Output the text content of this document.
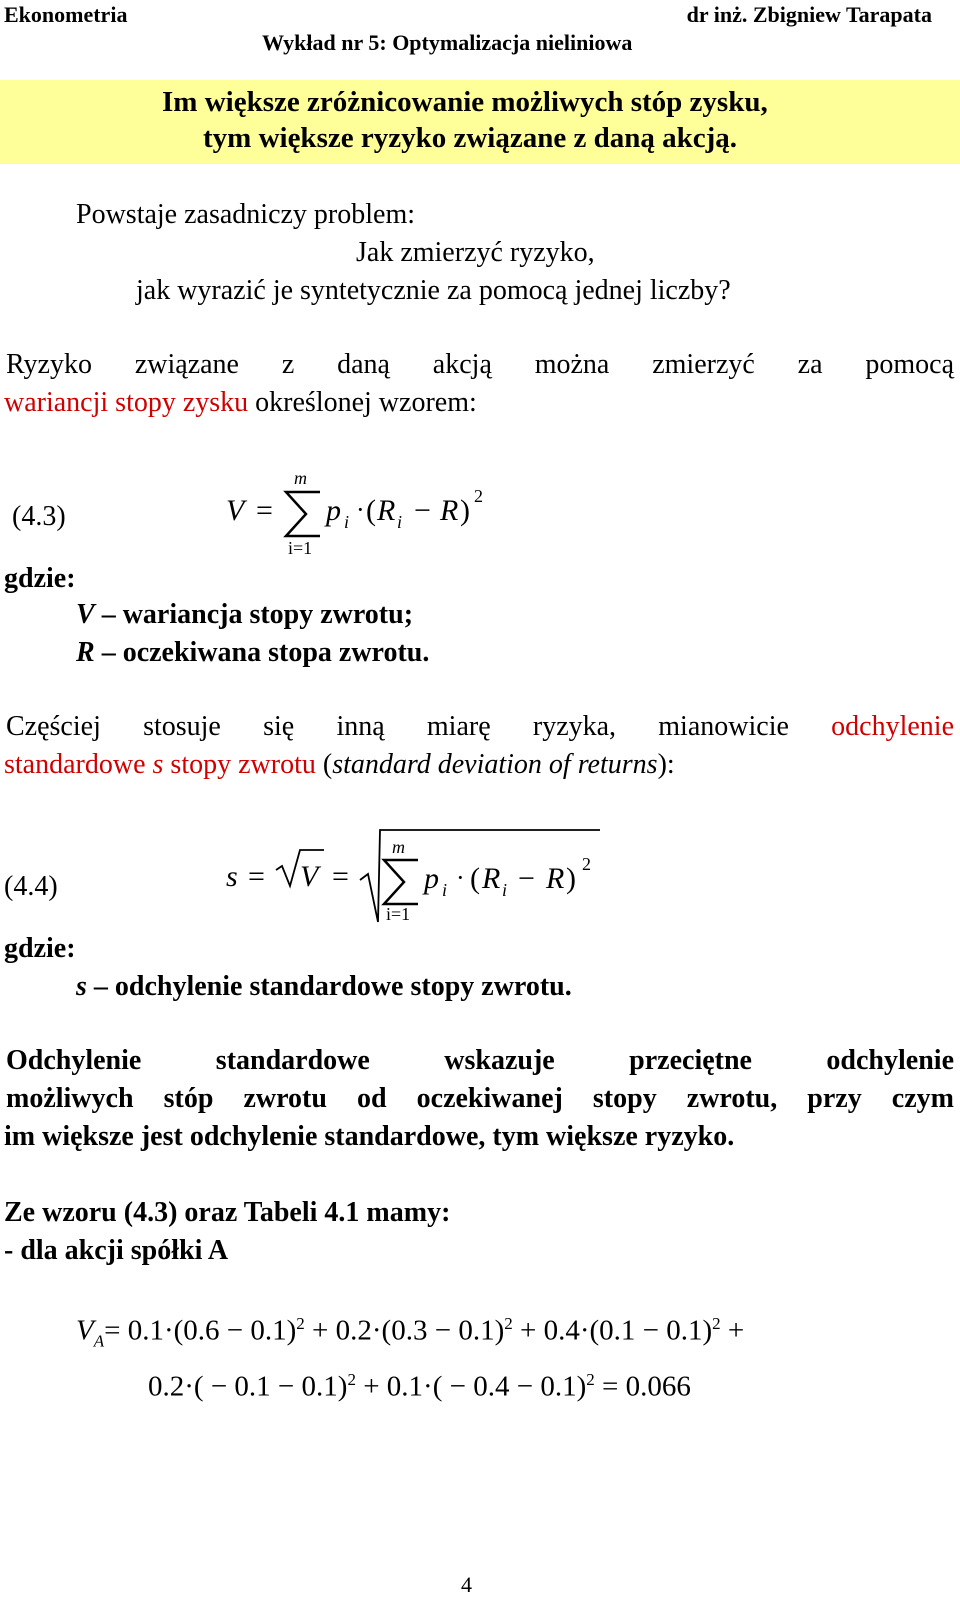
Ekonometria	dr inż. Zbigniew Tarapata
Wykład nr 5: Optymalizacja nieliniowa
Im większe zróżnicowanie możliwych stóp zysku,
tym większe ryzyko związane z daną akcją.
Powstaje zasadniczy problem:
Jak zmierzyć ryzyko,
jak wyrazić je syntetycznie za pomocą jednej liczby?
Ryzyko związane z daną akcją można zmierzyć za pomocą
wariancji stopy zysku określonej wzorem:
(4.3)	V =
m
i=1
p i · ( R i − R ) 2
gdzie:
V – wariancja stopy zwrotu;
R – oczekiwana stopa zwrotu.
Częściej stosuje się inną miarę ryzyka, mianowicie odchylenie
standardowe s stopy zwrotu (standard deviation of returns):
(4.4)	s = V =
m
i=1
p i · ( R i − R ) 2
gdzie:
s – odchylenie standardowe stopy zwrotu.
Odchylenie standardowe wskazuje przeciętne odchylenie
możliwych stóp zwrotu od oczekiwanej stopy zwrotu, przy czym
im większe jest odchylenie standardowe, tym większe ryzyko.
Ze wzoru (4.3) oraz Tabeli 4.1 mamy:
- dla akcji spółki A
$V_A= 0.1\cdot(0.6 - 0.1)^2 + 0.2\cdot(0.3 - 0.1)^2 + 0.4\cdot(0.1 - 0.1)^2$ +
$0.2\cdot( - 0.1 - 0.1)^2 + 0.1\cdot( - 0.4 - 0.1)^2 = 0.066$
4
